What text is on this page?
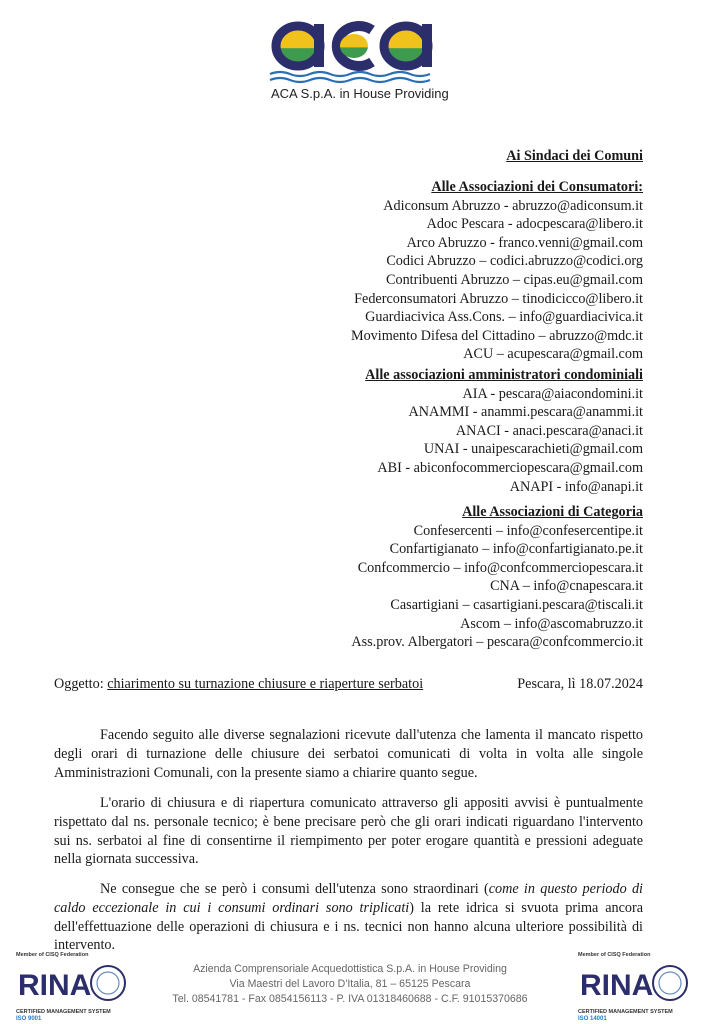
ACA S.p.A. in House Providing
Ai Sindaci dei Comuni
Alle Associazioni dei Consumatori:
Adiconsum Abruzzo - abruzzo@adiconsum.it
Adoc Pescara - adocpescara@libero.it
Arco Abruzzo - franco.venni@gmail.com
Codici Abruzzo – codici.abruzzo@codici.org
Contribuenti Abruzzo – cipas.eu@gmail.com
Federconsumatori Abruzzo – tinodicicco@libero.it
Guardiacivica Ass.Cons. – info@guardiacivica.it
Movimento Difesa del Cittadino – abruzzo@mdc.it
ACU – acupescara@gmail.com
Alle associazioni amministratori condominiali
AIA - pescara@aiacondomini.it
ANAMMI - anammi.pescara@anammi.it
ANACI - anaci.pescara@anaci.it
UNAI - unaipescarachieti@gmail.com
ABI - abiconfocommerciopescara@gmail.com
ANAPI - info@anapi.it
Alle Associazioni di Categoria
Confesercenti – info@confesercentipe.it
Confartigianato – info@confartigianato.pe.it
Confcommercio – info@confcommerciopescara.it
CNA – info@cnapescara.it
Casartigiani – casartigiani.pescara@tiscali.it
Ascom – info@ascomabruzzo.it
Ass.prov. Albergatori – pescara@confcommercio.it
Oggetto: chiarimento su turnazione chiusure e riaperture serbatoi	Pescara, lì 18.07.2024
Facendo seguito alle diverse segnalazioni ricevute dall'utenza che lamenta il mancato rispetto degli orari di turnazione delle chiusure dei serbatoi comunicati di volta in volta alle singole Amministrazioni Comunali, con la presente siamo a chiarire quanto segue.
L'orario di chiusura e di riapertura comunicato attraverso gli appositi avvisi è puntualmente rispettato dal ns. personale tecnico; è bene precisare però che gli orari indicati riguardano l'intervento sui ns. serbatoi al fine di consentirne il riempimento per poter erogare quantità e pressioni adeguate nella giornata successiva.
Ne consegue che se però i consumi dell'utenza sono straordinari (come in questo periodo di caldo eccezionale in cui i consumi ordinari sono triplicati) la rete idrica si svuota prima ancora dell'effettuazione delle operazioni di chiusura e i ns. tecnici non hanno alcuna ulteriore possibilità di intervento.
Member of CISQ Federation
RINA
CERTIFIED MANAGEMENT SYSTEM
ISO 9001
Azienda Comprensoriale Acquedottistica S.p.A. in House Providing
Via Maestri del Lavoro D'Italia, 81 – 65125 Pescara
Tel. 08541781 - Fax 0854156113 - P. IVA 01318460688 - C.F. 91015370686
Member of CISQ Federation
RINA
CERTIFIED MANAGEMENT SYSTEM
ISO 14001
